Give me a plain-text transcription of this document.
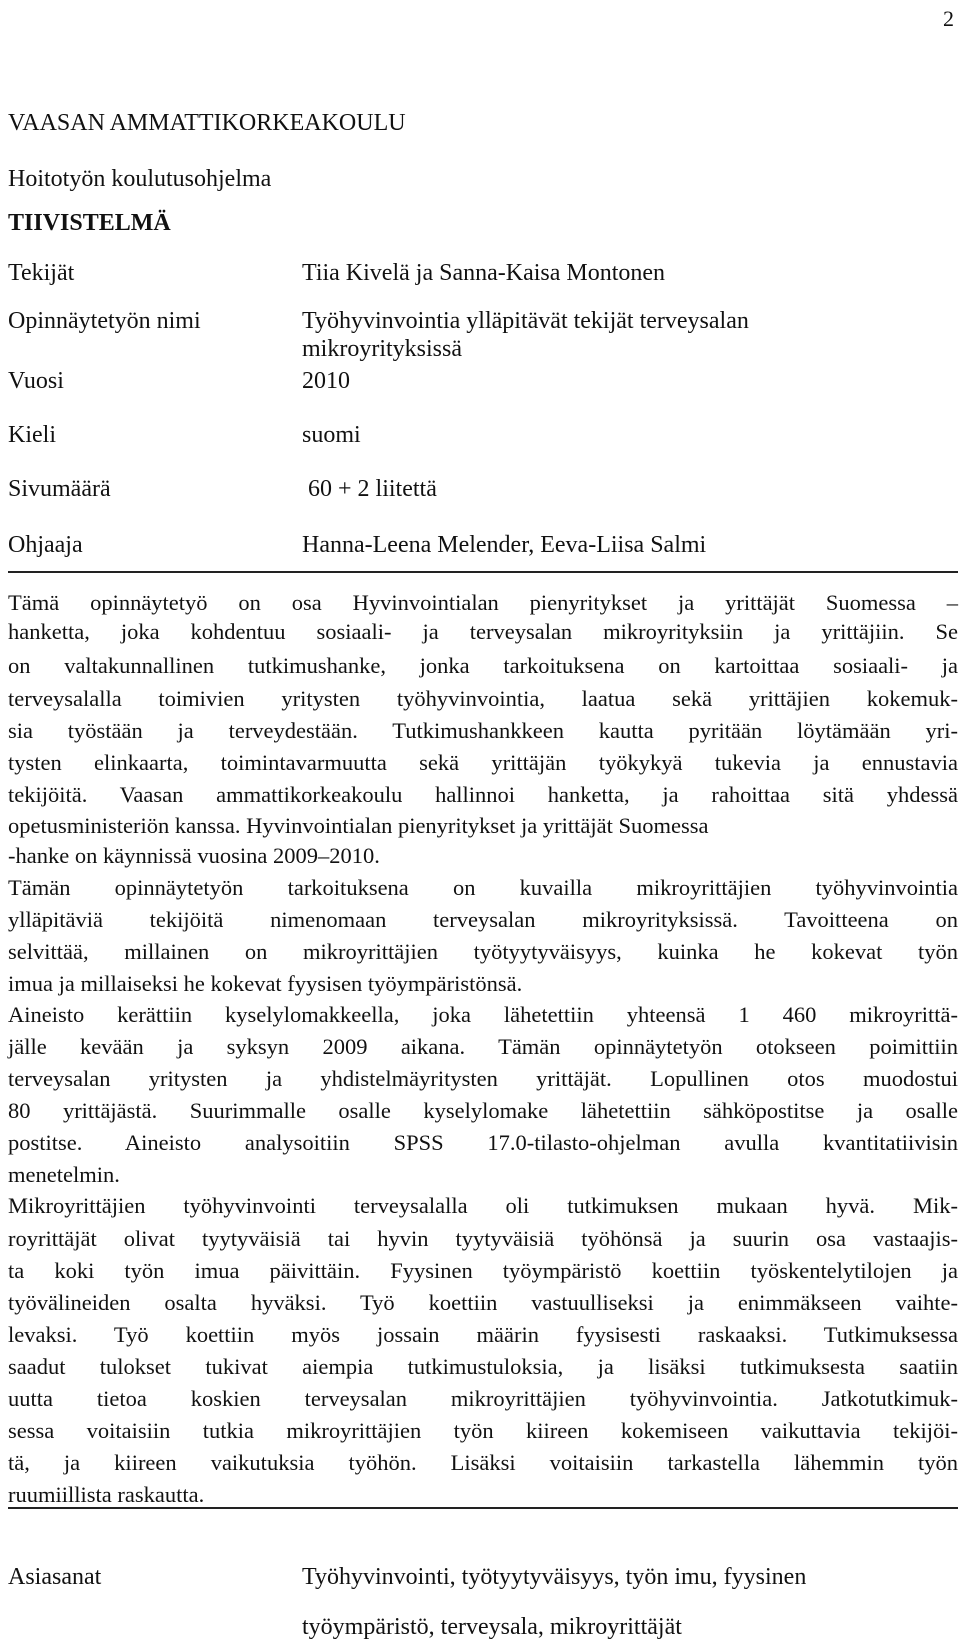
2
VAASAN AMMATTIKORKEAKOULU
Hoitotyön koulutusohjelma
TIIVISTELMÄ
Tekijät	Tiia Kivelä ja Sanna-Kaisa Montonen
Opinnäytetyön nimi	Työhyvinvointia ylläpitävät tekijät terveysalan
mikroyrityksissä
Vuosi	2010
Kieli	suomi
Sivumäärä	60 + 2 liitettä
Ohjaaja	Hanna-Leena Melender, Eeva-Liisa Salmi
Tämä opinnäytetyö on osa Hyvinvointialan pienyritykset ja yrittäjät Suomessa –
hanketta, joka kohdentuu sosiaali- ja terveysalan mikroyrityksiin ja yrittäjiin. Se
on valtakunnallinen tutkimushanke, jonka tarkoituksena on kartoittaa sosiaali- ja
terveysalalla toimivien yritysten työhyvinvointia, laatua sekä yrittäjien kokemuk-
sia työstään ja terveydestään. Tutkimushankkeen kautta pyritään löytämään yri-
tysten elinkaarta, toimintavarmuutta sekä yrittäjän työkykyä tukevia ja ennustavia
tekijöitä. Vaasan ammattikorkeakoulu hallinnoi hanketta, ja rahoittaa sitä yhdessä
opetusministeriön kanssa. Hyvinvointialan pienyritykset ja yrittäjät Suomessa
-hanke on käynnissä vuosina 2009–2010.
Tämän opinnäytetyön tarkoituksena on kuvailla mikroyrittäjien työhyvinvointia
ylläpitäviä tekijöitä nimenomaan terveysalan mikroyrityksissä. Tavoitteena on
selvittää, millainen on mikroyrittäjien työtyytyväisyys, kuinka he kokevat työn
imua ja millaiseksi he kokevat fyysisen työympäristönsä.
Aineisto kerättiin kyselylomakkeella, joka lähetettiin yhteensä 1 460 mikroyrittä-
jälle kevään ja syksyn 2009 aikana. Tämän opinnäytetyön otokseen poimittiin
terveysalan yritysten ja yhdistelmäyritysten yrittäjät. Lopullinen otos muodostui
80 yrittäjästä. Suurimmalle osalle kyselylomake lähetettiin sähköpostitse ja osalle
postitse. Aineisto analysoitiin SPSS 17.0-tilasto-ohjelman avulla kvantitatiivisin
menetelmin.
Mikroyrittäjien työhyvinvointi terveysalalla oli tutkimuksen mukaan hyvä. Mik-
royrittäjät olivat tyytyväisiä tai hyvin tyytyväisiä työhönsä ja suurin osa vastaajis-
ta koki työn imua päivittäin. Fyysinen työympäristö koettiin työskentelytilojen ja
työvälineiden osalta hyväksi. Työ koettiin vastuulliseksi ja enimmäkseen vaihte-
levaksi. Työ koettiin myös jossain määrin fyysisesti raskaaksi. Tutkimuksessa
saadut tulokset tukivat aiempia tutkimustuloksia, ja lisäksi tutkimuksesta saatiin
uutta tietoa koskien terveysalan mikroyrittäjien työhyvinvointia. Jatkotutkimuk-
sessa voitaisiin tutkia mikroyrittäjien työn kiireen kokemiseen vaikuttavia tekijöi-
tä, ja kiireen vaikutuksia työhön. Lisäksi voitaisiin tarkastella lähemmin työn
ruumiillista raskautta.
Asiasanat	Työhyvinvointi, työtyytyväisyys, työn imu, fyysinen
työympäristö, terveysala, mikroyrittäjät
